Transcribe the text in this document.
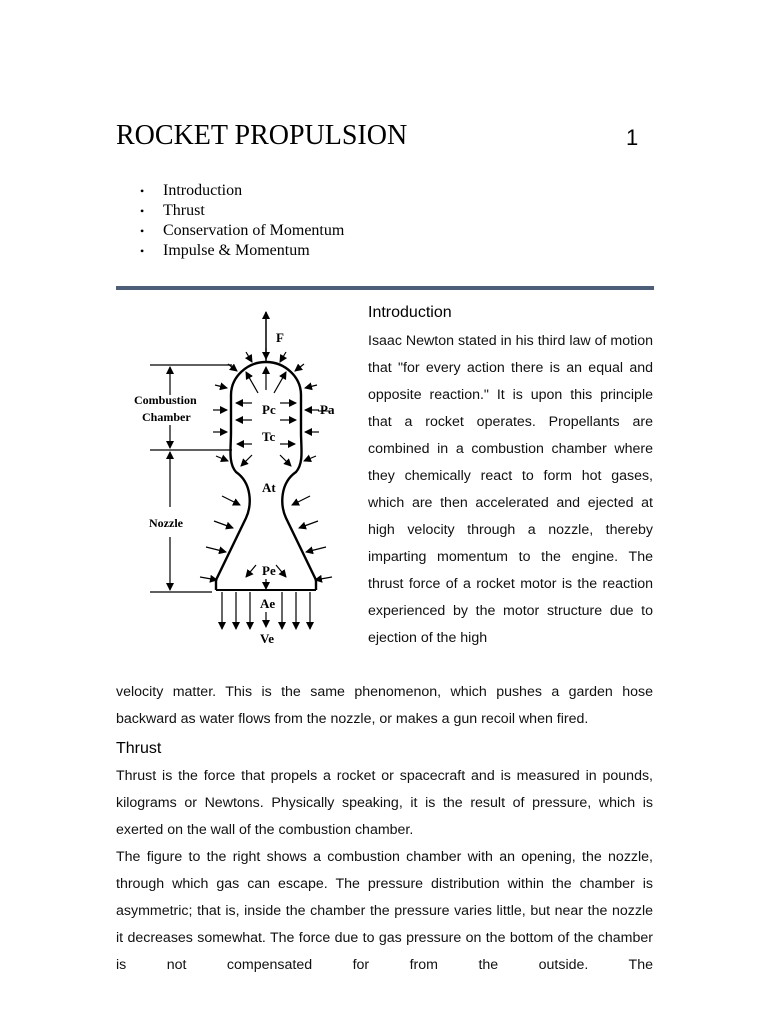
ROCKET PROPULSION	1
• Introduction
• Thrust
• Conservation of Momentum
• Impulse & Momentum
F
Combustion
Chamber
Nozzle
Pc	Pa
Tc
At
Pe
Ae
Ve
Introduction

Isaac Newton stated in his third law of motion that "for every action there is an equal and opposite reaction." It is upon this principle that a rocket operates. Propellants are combined in a combustion chamber where they chemically react to form hot gases, which are then accelerated and ejected at high velocity through a nozzle, thereby imparting momentum to the engine. The thrust force of a rocket motor is the reaction experienced by the motor structure due to ejection of the high

velocity matter. This is the same phenomenon, which pushes a garden hose backward as water flows from the nozzle, or makes a gun recoil when fired.

Thrust

Thrust is the force that propels a rocket or spacecraft and is measured in pounds, kilograms or Newtons. Physically speaking, it is the result of pressure, which is exerted on the wall of the combustion chamber.

The figure to the right shows a combustion chamber with an opening, the nozzle, through which gas can escape. The pressure distribution within the chamber is asymmetric; that is, inside the chamber the pressure varies little, but near the nozzle it decreases somewhat. The force due to gas pressure on the bottom of the chamber is not compensated for from the outside. The
